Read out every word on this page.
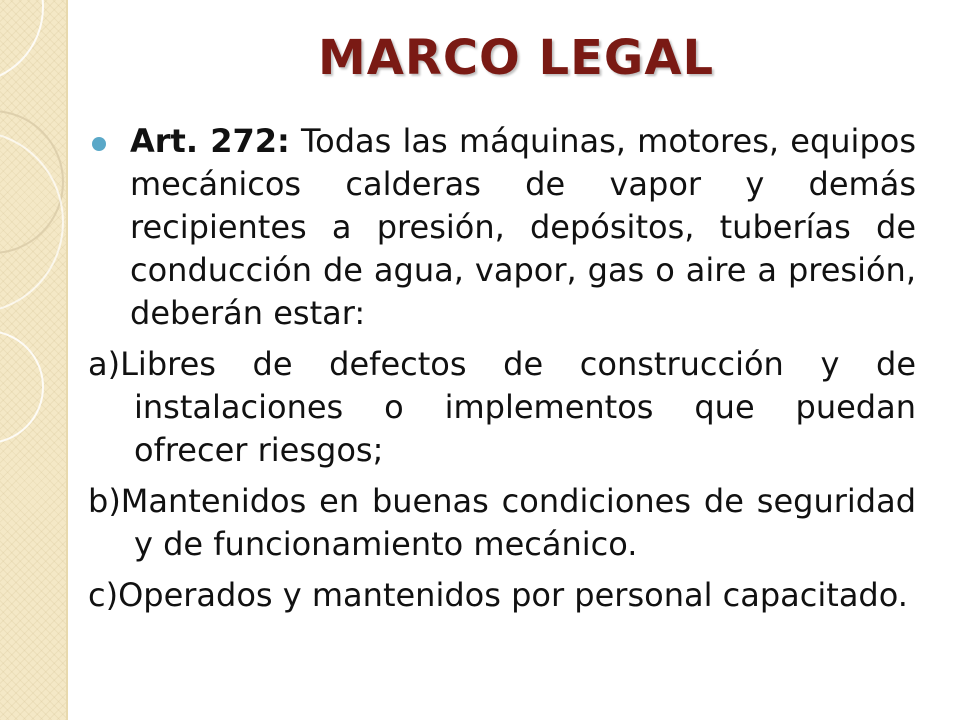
MARCO LEGAL

Art. 272: Todas las máquinas, motores, equipos mecánicos calderas de vapor y demás recipientes a presión, depósitos, tuberías de conducción de agua, vapor, gas o aire a presión, deberán estar:

a)Libres de defectos de construcción y de instalaciones o implementos que puedan ofrecer riesgos;

b)Mantenidos en buenas condiciones de seguridad y de funcionamiento mecánico.

c)Operados y mantenidos por personal capacitado.
